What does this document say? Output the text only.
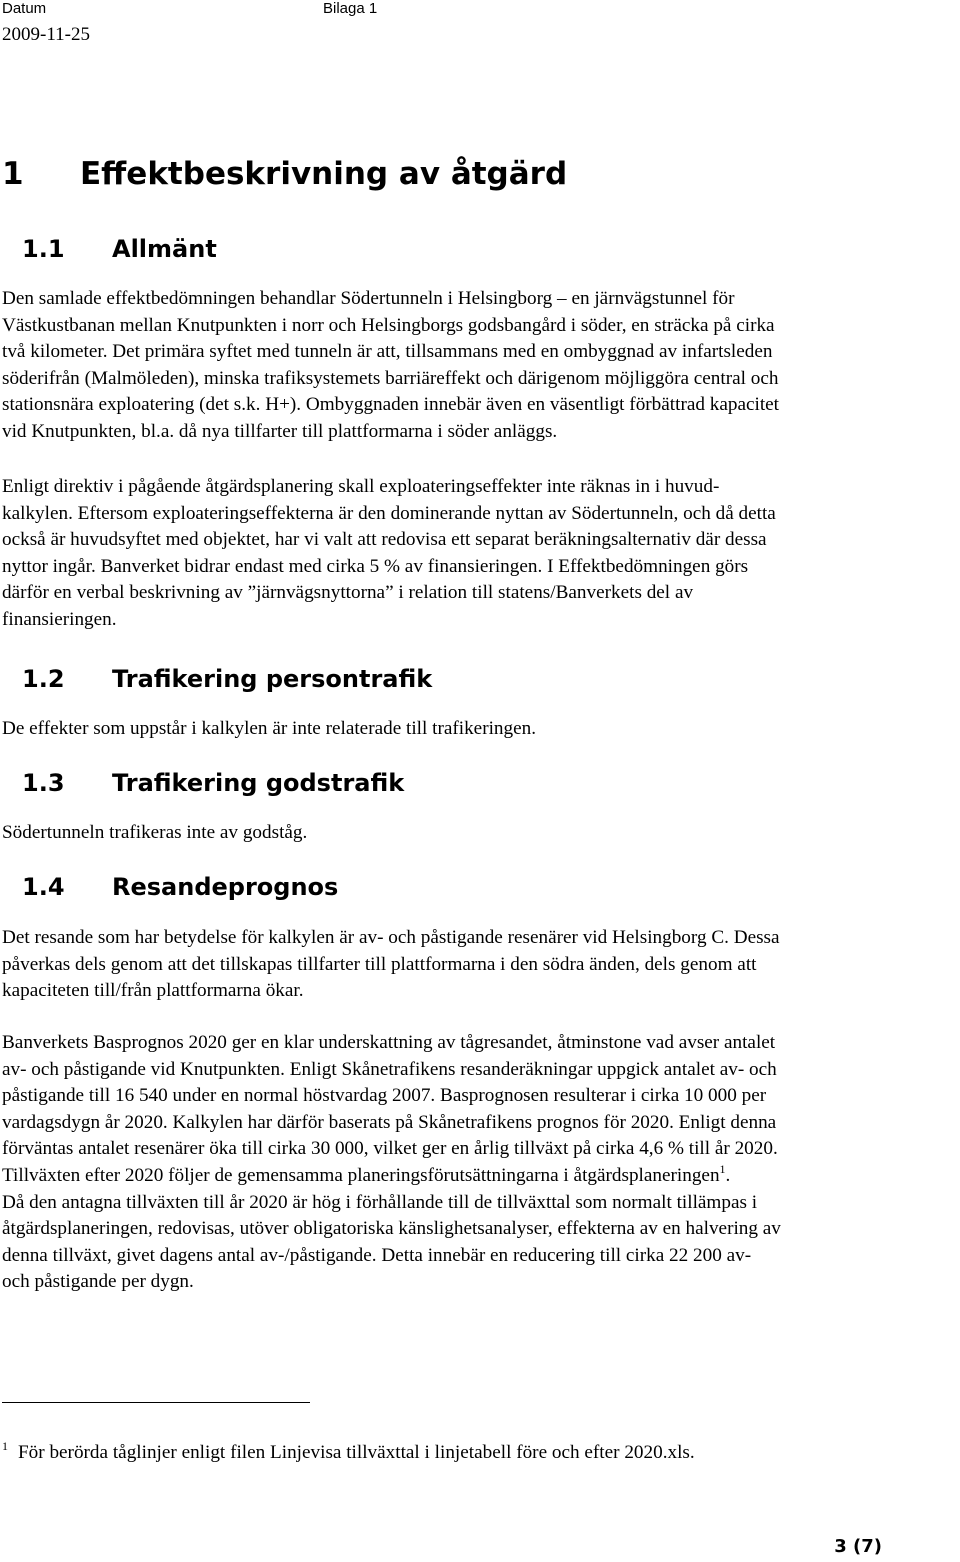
Datum	Bilaga 1
2009-11-25
1 Effektbeskrivning av åtgärd
1.1 Allmänt

Den samlade effektbedömningen behandlar Södertunneln i Helsingborg – en järnvägstunnel för
Västkustbanan mellan Knutpunkten i norr och Helsingborgs godsbangård i söder, en sträcka på cirka
två kilometer. Det primära syftet med tunneln är att, tillsammans med en ombyggnad av infartsleden
söderifrån (Malmöleden), minska trafiksystemets barriäreffekt och därigenom möjliggöra central och
stationsnära exploatering (det s.k. H+). Ombyggnaden innebär även en väsentligt förbättrad kapacitet
vid Knutpunkten, bl.a. då nya tillfarter till plattformarna i söder anläggs.

Enligt direktiv i pågående åtgärdsplanering skall exploateringseffekter inte räknas in i huvud-
kalkylen. Eftersom exploateringseffekterna är den dominerande nyttan av Södertunneln, och då detta
också är huvudsyftet med objektet, har vi valt att redovisa ett separat beräkningsalternativ där dessa
nyttor ingår. Banverket bidrar endast med cirka 5 % av finansieringen. I Effektbedömningen görs
därför en verbal beskrivning av ”järnvägsnyttorna” i relation till statens/Banverkets del av
finansieringen.

1.2 Trafikering persontrafik

De effekter som uppstår i kalkylen är inte relaterade till trafikeringen.

1.3 Trafikering godstrafik

Södertunneln trafikeras inte av godståg.

1.4 Resandeprognos

Det resande som har betydelse för kalkylen är av- och påstigande resenärer vid Helsingborg C. Dessa
påverkas dels genom att det tillskapas tillfarter till plattformarna i den södra änden, dels genom att
kapaciteten till/från plattformarna ökar.

Banverkets Basprognos 2020 ger en klar underskattning av tågresandet, åtminstone vad avser antalet
av- och påstigande vid Knutpunkten. Enligt Skånetrafikens resanderäkningar uppgick antalet av- och
påstigande till 16 540 under en normal höstvardag 2007. Basprognosen resulterar i cirka 10 000 per
vardagsdygn år 2020. Kalkylen har därför baserats på Skånetrafikens prognos för 2020. Enligt denna
förväntas antalet resenärer öka till cirka 30 000, vilket ger en årlig tillväxt på cirka 4,6 % till år 2020.
Tillväxten efter 2020 följer de gemensamma planeringsförutsättningarna i åtgärdsplaneringen$^1$.
Då den antagna tillväxten till år 2020 är hög i förhållande till de tillväxttal som normalt tillämpas i
åtgärdsplaneringen, redovisas, utöver obligatoriska känslighetsanalyser, effekterna av en halvering av
denna tillväxt, givet dagens antal av-/påstigande. Detta innebär en reducering till cirka 22 200 av-
och påstigande per dygn.

$^1$ För berörda tåglinjer enligt filen Linjevisa tillväxttal i linjetabell före och efter 2020.xls.

3 (7)
